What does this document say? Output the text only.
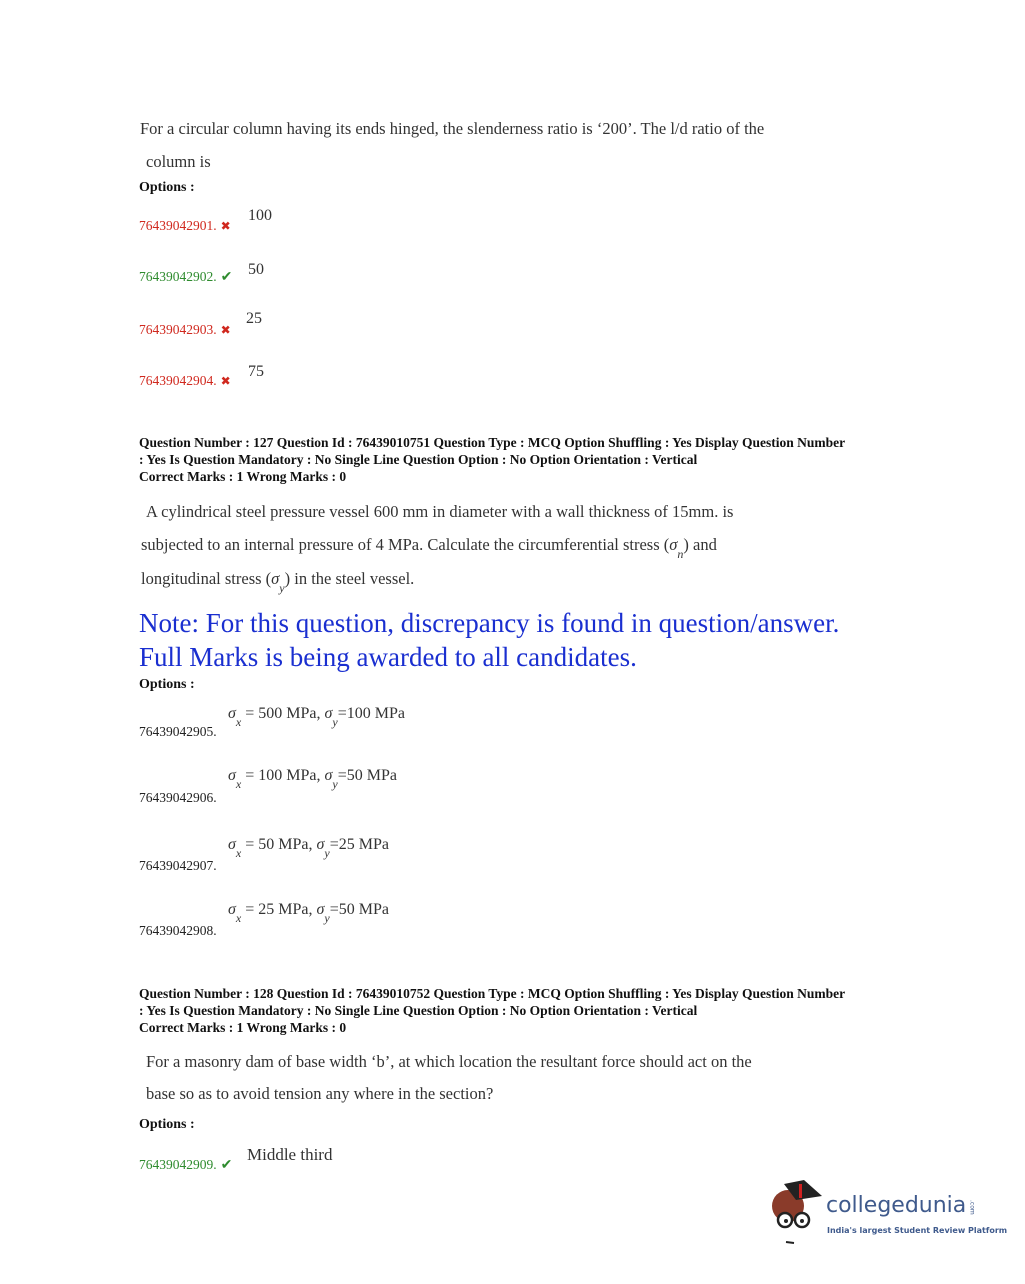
For a circular column having its ends hinged, the slenderness ratio is ‘200’. The l/d ratio of the
column is
Options :
76439042901. ✖
100
76439042902. ✔ 50
76439042903. ✖
25
76439042904. ✖
75
Question Number : 127 Question Id : 76439010751 Question Type : MCQ Option Shuffling : Yes Display Question Number
: Yes Is Question Mandatory : No Single Line Question Option : No Option Orientation : Vertical
Correct Marks : 1 Wrong Marks : 0
A cylindrical steel pressure vessel 600 mm in diameter with a wall thickness of 15mm. is
subjected to an internal pressure of 4 MPa. Calculate the circumferential stress $(\sigma_n)$ and
longitudinal stress $(\sigma_y)$ in the steel vessel.
Note: For this question, discrepancy is found in question/answer.
Full Marks is being awarded to all candidates.
Options :
76439042905.
$\sigma_x = 500$ MPa, $\sigma_y=100$ MPa
76439042906.
$\sigma_x = 100$ MPa, $\sigma_y=50$ MPa
76439042907.
$\sigma_x = 50$ MPa, $\sigma_y=25$ MPa
76439042908.
$\sigma_x = 25$ MPa, $\sigma_y=50$ MPa
Question Number : 128 Question Id : 76439010752 Question Type : MCQ Option Shuffling : Yes Display Question Number
: Yes Is Question Mandatory : No Single Line Question Option : No Option Orientation : Vertical
Correct Marks : 1 Wrong Marks : 0
For a masonry dam of base width ‘b’, at which location the resultant force should act on the
base so as to avoid tension any where in the section?
Options :
76439042909. ✔
Middle third
collegedunia .com
India's largest Student Review Platform
